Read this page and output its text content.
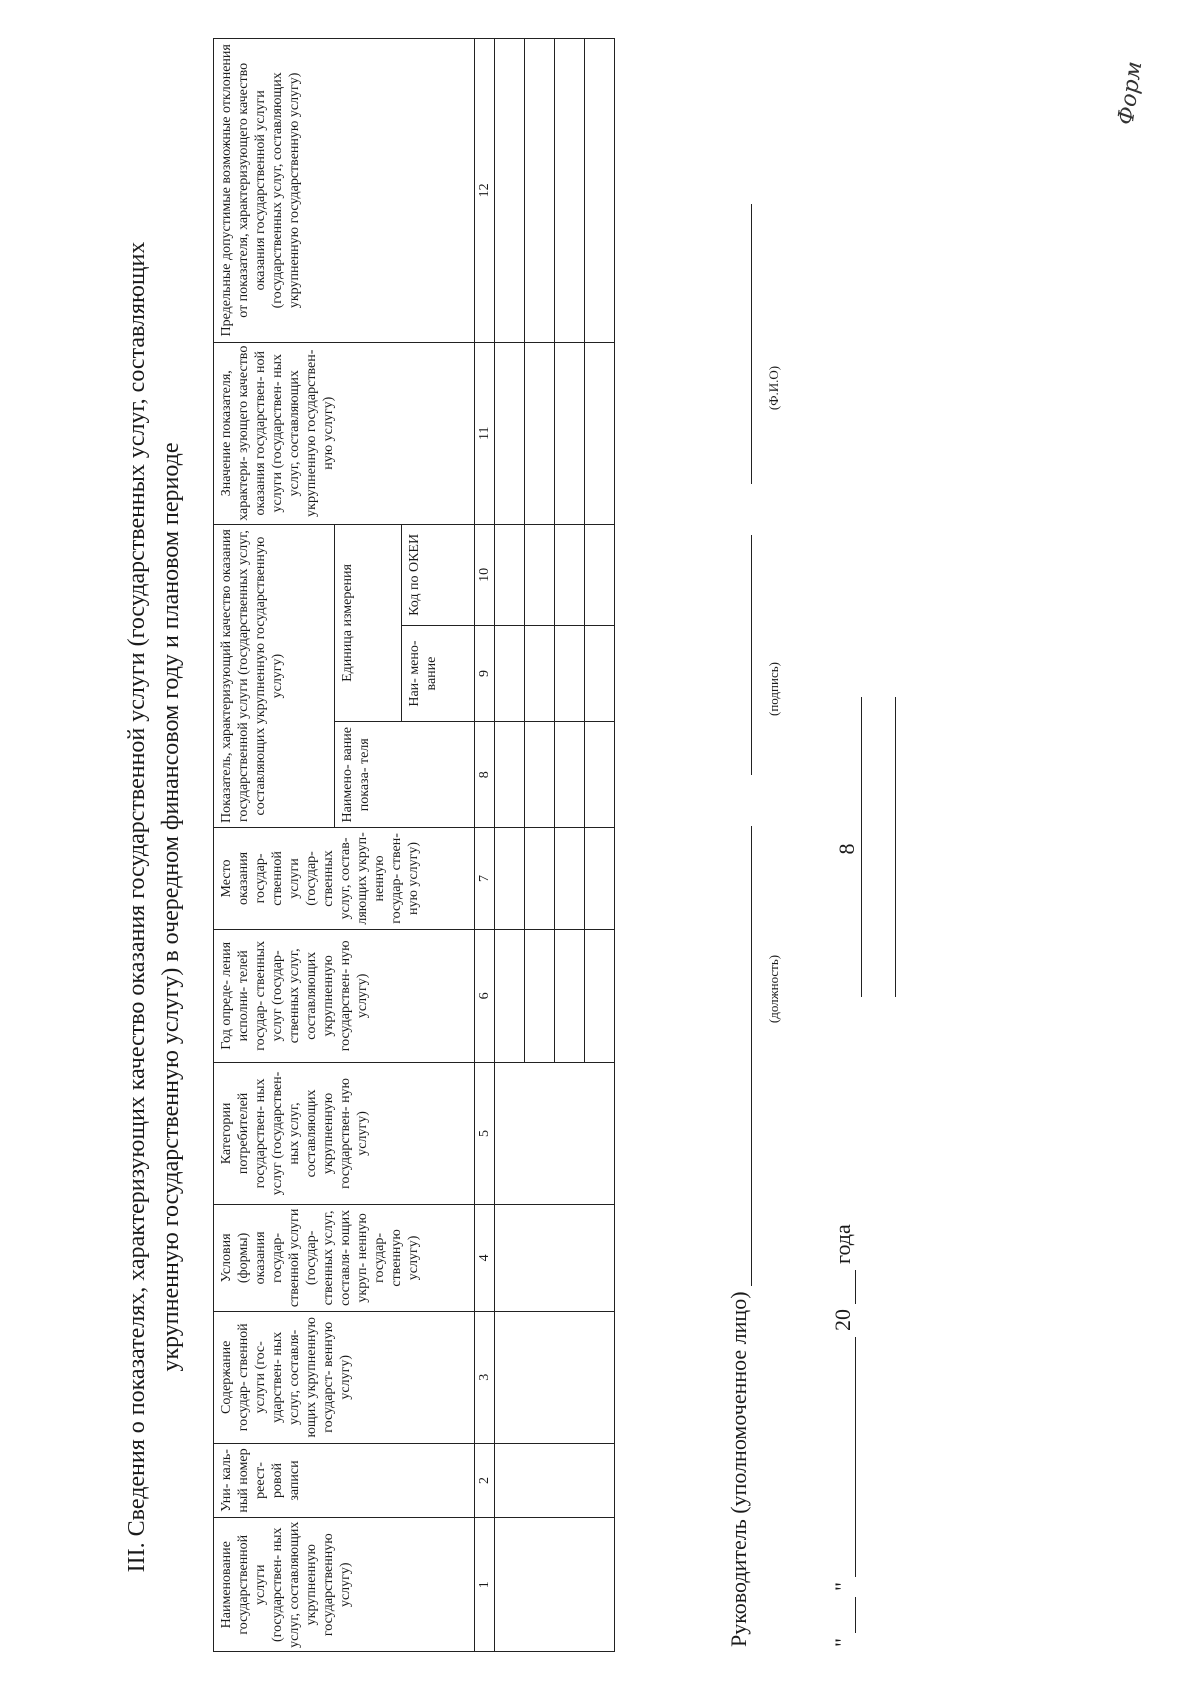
8
III. Сведения о показателях, характеризующих качество оказания государственной услуги (государственных услуг, составляющих укрупненную государственную услугу) в очередном финансовом году и плановом периоде
Наименование государственной услуги (государствен- ных услуг, составляющих укрупненную государственную услугу)	Уни- каль- ный номер реест- ровой записи	Содержание государ- ственной услуги (гос- ударствен- ных услуг, составля- ющих укрупненную государст- венную услугу)	Условия (формы) оказания государ- ственной услуги (государ- ственных услуг, составля- ющих укруп- ненную государ- ственную услугу)	Категории потребителей государствен- ных услуг (государствен- ных услуг, составляющих укрупненную государствен- ную услугу)	Год опреде- ления исполни- телей государ- ственных услуг (государ- ственных услуг, составляющих укрупненную государствен- ную услугу)	Место оказания государ- ственной услуги (государ- ственных услуг, состав- ляющих укруп- ненную государ- ствен- ную услугу)	Показатель, характеризующий качество оказания государственной услуги (государственных услуг, составляющих укрупненную государственную услугу)			Значение показателя, характери- зующего качество оказания государствен- ной услуги (государствен- ных услуг, составляющих укрупненную государствен- ную услугу)	Предельные допустимые возможные отклонения от показателя, характеризующего качество оказания государственной услуги (государственных услуг, составляющих укрупненную государственную услугу)
							Наимено- вание показа- теля	Единица измерения			
								Наи- мено- вание	Код по ОКЕИ		
1	2	3	4	5	6	7	8	9	10	11	12

Руководитель (уполномоченное лицо)
(должность)
(подпись)
(Ф.И.О)
"  "  20  года
Форм
